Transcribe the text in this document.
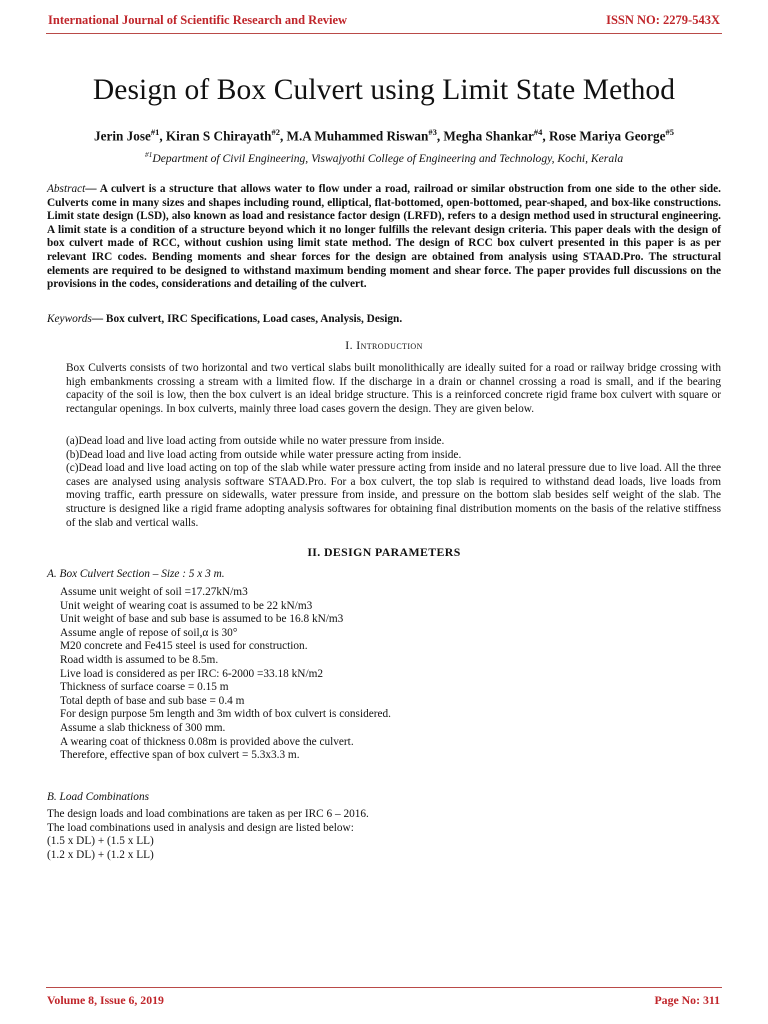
International Journal of Scientific Research and Review	ISSN NO: 2279-543X
Design of Box Culvert using Limit State Method
Jerin Jose$^{\#1}$, Kiran S Chirayath$^{\#2}$, M.A Muhammed Riswan$^{\#3}$, Megha Shankar$^{\#4}$, Rose Mariya George$^{\#5}$
$^{\#1}$Department of Civil Engineering, Viswajyothi College of Engineering and Technology, Kochi, Kerala
Abstract— A culvert is a structure that allows water to flow under a road, railroad or similar obstruction from one side to the other side. Culverts come in many sizes and shapes including round, elliptical, flat-bottomed, open-bottomed, pear-shaped, and box-like constructions. Limit state design (LSD), also known as load and resistance factor design (LRFD), refers to a design method used in structural engineering. A limit state is a condition of a structure beyond which it no longer fulfills the relevant design criteria. This paper deals with the design of box culvert made of RCC, without cushion using limit state method. The design of RCC box culvert presented in this paper is as per relevant IRC codes. Bending moments and shear forces for the design are obtained from analysis using STAAD.Pro. The structural elements are required to be designed to withstand maximum bending moment and shear force. The paper provides full discussions on the provisions in the codes, considerations and detailing of the culvert.
Keywords— Box culvert, IRC Specifications, Load cases, Analysis, Design.
I. Introduction
Box Culverts consists of two horizontal and two vertical slabs built monolithically are ideally suited for a road or railway bridge crossing with high embankments crossing a stream with a limited flow. If the discharge in a drain or channel crossing a road is small, and if the bearing capacity of the soil is low, then the box culvert is an ideal bridge structure. This is a reinforced concrete rigid frame box culvert with square or rectangular openings. In box culverts, mainly three load cases govern the design. They are given below.
(a)Dead load and live load acting from outside while no water pressure from inside.
(b)Dead load and live load acting from outside while water pressure acting from inside.
(c)Dead load and live load acting on top of the slab while water pressure acting from inside and no lateral pressure due to live load. All the three cases are analysed using analysis software STAAD.Pro. For a box culvert, the top slab is required to withstand dead loads, live loads from moving traffic, earth pressure on sidewalls, water pressure from inside, and pressure on the bottom slab besides self weight of the slab. The structure is designed like a rigid frame adopting analysis softwares for obtaining final distribution moments on the basis of the relative stiffness of the slab and vertical walls.
II. DESIGN PARAMETERS
A. Box Culvert Section – Size : 5 x 3 m.
Assume unit weight of soil =17.27kN/m3
Unit weight of wearing coat is assumed to be 22 kN/m3
Unit weight of base and sub base is assumed to be 16.8 kN/m3
Assume angle of repose of soil,α is 30°
M20 concrete and Fe415 steel is used for construction.
Road width is assumed to be 8.5m.
Live load is considered as per IRC: 6-2000 =33.18 kN/m2
Thickness of surface coarse = 0.15 m
Total depth of base and sub base = 0.4 m
For design purpose 5m length and 3m width of box culvert is considered.
Assume a slab thickness of 300 mm.
A wearing coat of thickness 0.08m is provided above the culvert.
Therefore, effective span of box culvert = 5.3x3.3 m.
B. Load Combinations
The design loads and load combinations are taken as per IRC 6 – 2016.
The load combinations used in analysis and design are listed below:
(1.5 x DL) + (1.5 x LL)
(1.2 x DL) + (1.2 x LL)
Volume 8, Issue 6, 2019	Page No: 311
